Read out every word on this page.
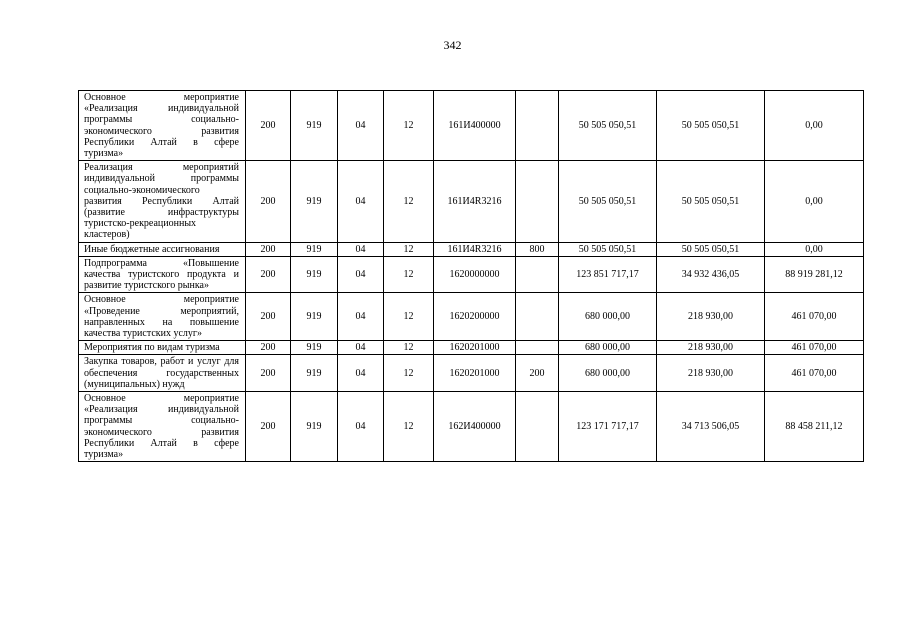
342
Основное мероприятие «Реализация индивидуальной программы социально-экономического развития Республики Алтай в сфере туризма»	200	919	04	12	161И400000		50 505 050,51	50 505 050,51	0,00
Реализация мероприятий индивидуальной программы социально-экономического развития Республики Алтай (развитие инфраструктуры туристско-рекреационных кластеров)	200	919	04	12	161И4R3216		50 505 050,51	50 505 050,51	0,00
Иные бюджетные ассигнования	200	919	04	12	161И4R3216	800	50 505 050,51	50 505 050,51	0,00
Подпрограмма «Повышение качества туристского продукта и развитие туристского рынка»	200	919	04	12	1620000000		123 851 717,17	34 932 436,05	88 919 281,12
Основное мероприятие «Проведение мероприятий, направленных на повышение качества туристских услуг»	200	919	04	12	1620200000		680 000,00	218 930,00	461 070,00
Мероприятия по видам туризма	200	919	04	12	1620201000		680 000,00	218 930,00	461 070,00
Закупка товаров, работ и услуг для обеспечения государственных (муниципальных) нужд	200	919	04	12	1620201000	200	680 000,00	218 930,00	461 070,00
Основное мероприятие «Реализация индивидуальной программы социально-экономического развития Республики Алтай в сфере туризма»	200	919	04	12	162И400000		123 171 717,17	34 713 506,05	88 458 211,12
